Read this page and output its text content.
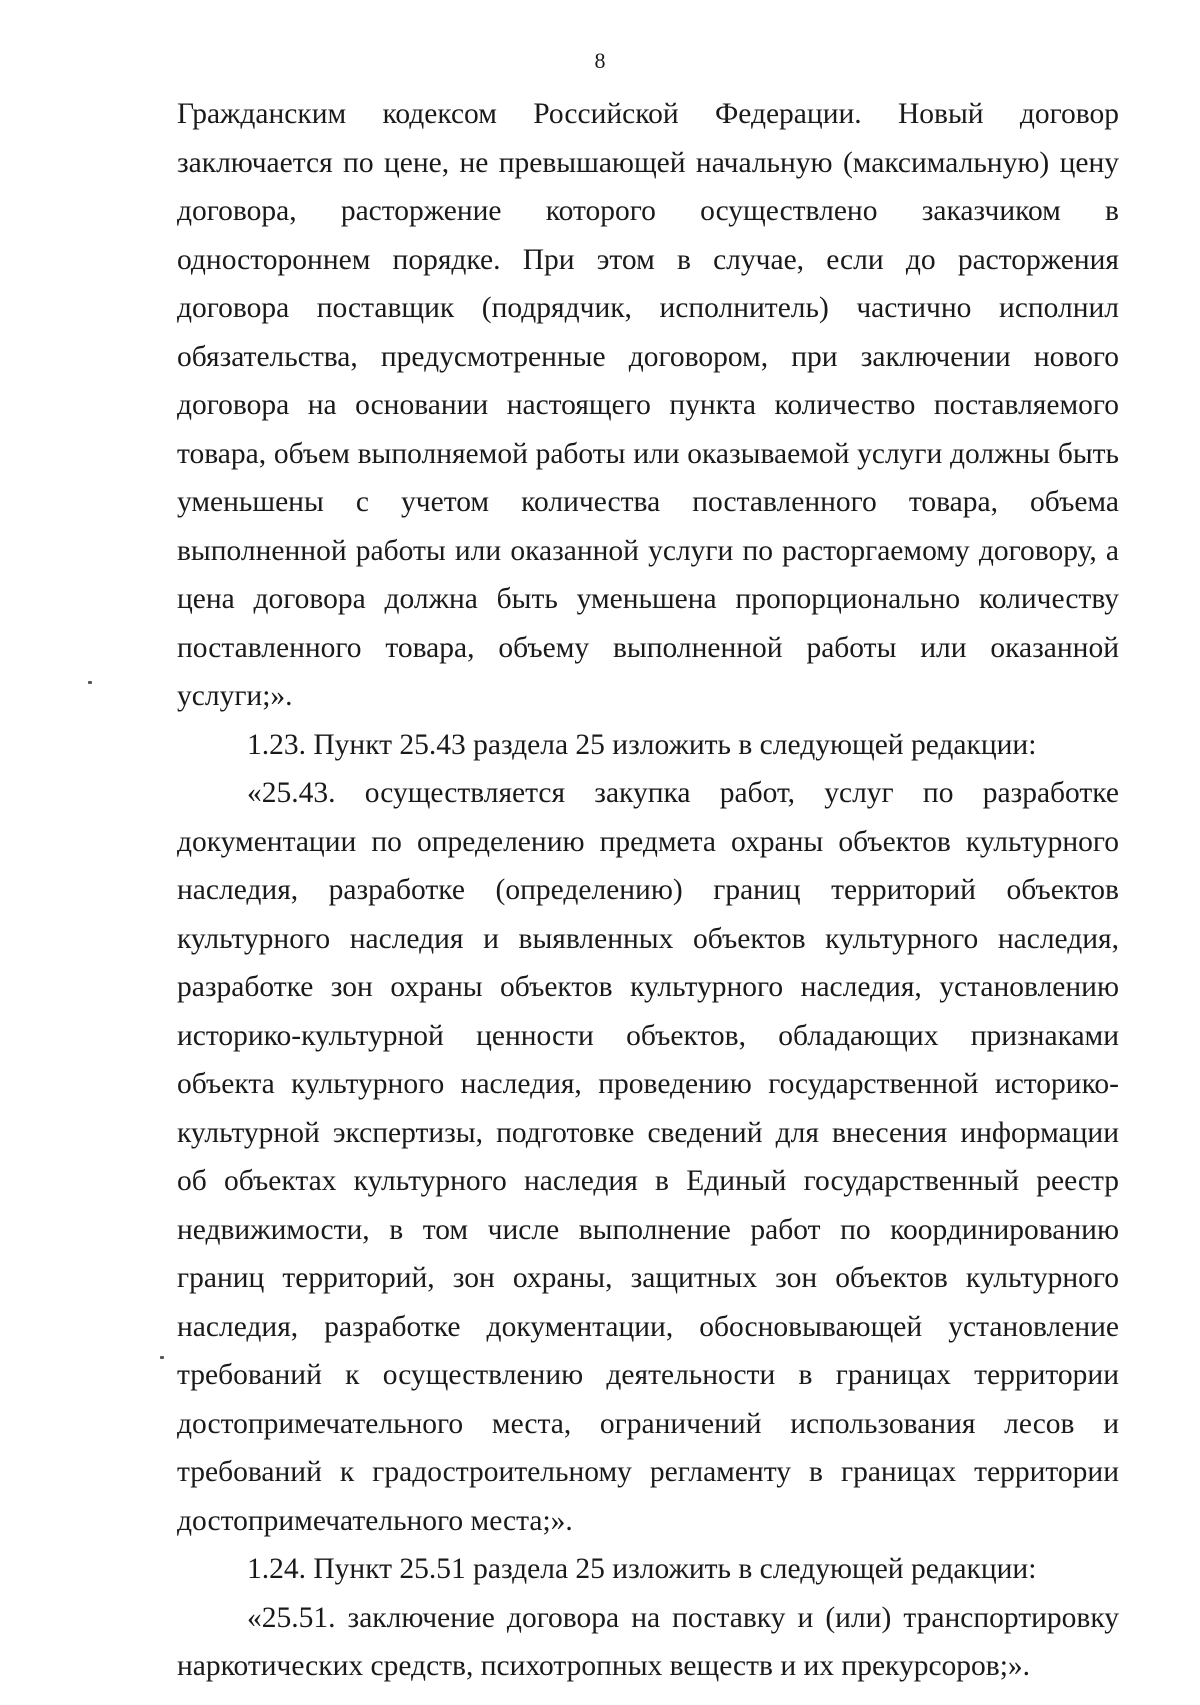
8

Гражданским кодексом Российской Федерации. Новый договор заключается по цене, не превышающей начальную (максимальную) цену договора, расторжение которого осуществлено заказчиком в одностороннем порядке. При этом в случае, если до расторжения договора поставщик (подрядчик, исполнитель) частично исполнил обязательства, предусмотренные договором, при заключении нового договора на основании настоящего пункта количество поставляемого товара, объем выполняемой работы или оказываемой услуги должны быть уменьшены с учетом количества поставленного товара, объема выполненной работы или оказанной услуги по расторгаемому договору, а цена договора должна быть уменьшена пропорционально количеству поставленного товара, объему выполненной работы или оказанной услуги;».

1.23. Пункт 25.43 раздела 25 изложить в следующей редакции:

«25.43. осуществляется закупка работ, услуг по разработке документации по определению предмета охраны объектов культурного наследия, разработке (определению) границ территорий объектов культурного наследия и выявленных объектов культурного наследия, разработке зон охраны объектов культурного наследия, установлению историко-культурной ценности объектов, обладающих признаками объекта культурного наследия, проведению государственной историко-культурной экспертизы, подготовке сведений для внесения информации об объектах культурного наследия в Единый государственный реестр недвижимости, в том числе выполнение работ по координированию границ территорий, зон охраны, защитных зон объектов культурного наследия, разработке документации, обосновывающей установление требований к осуществлению деятельности в границах территории достопримечательного места, ограничений использования лесов и требований к градостроительному регламенту в границах территории достопримечательного места;».

1.24. Пункт 25.51 раздела 25 изложить в следующей редакции:

«25.51. заключение договора на поставку и (или) транспортировку наркотических средств, психотропных веществ и их прекурсоров;».
